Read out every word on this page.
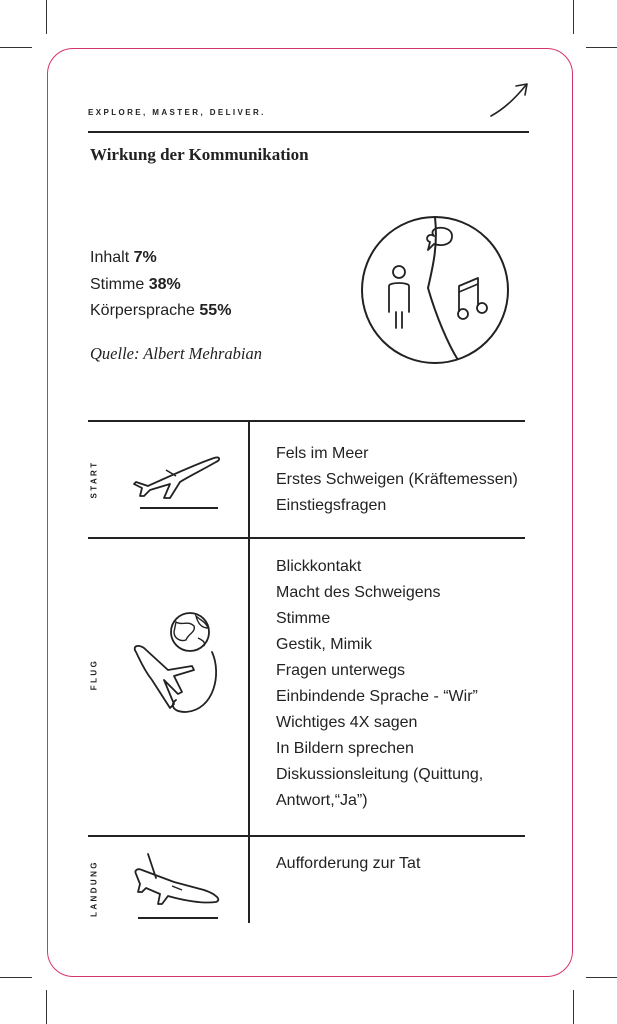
EXPLORE, MASTER, DELIVER.
Wirkung der Kommunikation
Inhalt 7%
Stimme 38%
Körpersprache 55%
Quelle: Albert Mehrabian
START
Fels im Meer
Erstes Schweigen (Kräftemessen)
Einstiegsfragen
FLUG
Blickkontakt
Macht des Schweigens
Stimme
Gestik, Mimik
Fragen unterwegs
Einbindende Sprache - “Wir”
Wichtiges 4X sagen
In Bildern sprechen
Diskussionsleitung (Quittung,
Antwort,“Ja”)
LANDUNG	Aufforderung zur Tat
